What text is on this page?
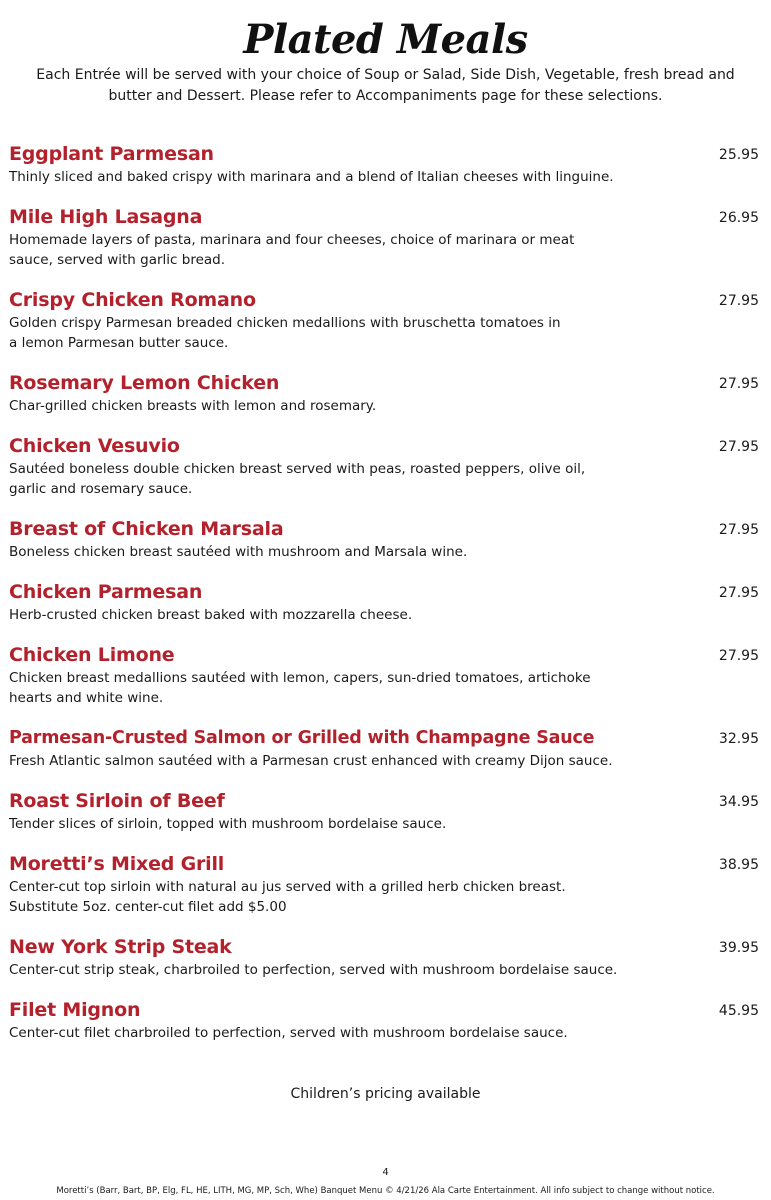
Plated Meals
Each Entrée will be served with your choice of Soup or Salad, Side Dish, Vegetable, fresh bread and butter and Dessert. Please refer to Accompaniments page for these selections.
Eggplant Parmesan	25.95
Thinly sliced and baked crispy with marinara and a blend of Italian cheeses with linguine.
Mile High Lasagna	26.95
Homemade layers of pasta, marinara and four cheeses, choice of marinara or meat sauce, served with garlic bread.
Crispy Chicken Romano	27.95
Golden crispy Parmesan breaded chicken medallions with bruschetta tomatoes in a lemon Parmesan butter sauce.
Rosemary Lemon Chicken	27.95
Char-grilled chicken breasts with lemon and rosemary.
Chicken Vesuvio	27.95
Sautéed boneless double chicken breast served with peas, roasted peppers, olive oil, garlic and rosemary sauce.
Breast of Chicken Marsala	27.95
Boneless chicken breast sautéed with mushroom and Marsala wine.
Chicken Parmesan	27.95
Herb-crusted chicken breast baked with mozzarella cheese.
Chicken Limone	27.95
Chicken breast medallions sautéed with lemon, capers, sun-dried tomatoes, artichoke hearts and white wine.
Parmesan-Crusted Salmon or Grilled with Champagne Sauce	32.95
Fresh Atlantic salmon sautéed with a Parmesan crust enhanced with creamy Dijon sauce.
Roast Sirloin of Beef	34.95
Tender slices of sirloin, topped with mushroom bordelaise sauce.
Moretti’s Mixed Grill	38.95
Center-cut top sirloin with natural au jus served with a grilled herb chicken breast.
Substitute 5oz. center-cut filet add $5.00
New York Strip Steak	39.95
Center-cut strip steak, charbroiled to perfection, served with mushroom bordelaise sauce.
Filet Mignon	45.95
Center-cut filet charbroiled to perfection, served with mushroom bordelaise sauce.
Children’s pricing available
4
Moretti’s (Barr, Bart, BP, Elg, FL, HE, LITH, MG, MP, Sch, Whe) Banquet Menu © 4/21/26 Ala Carte Entertainment. All info subject to change without notice.
